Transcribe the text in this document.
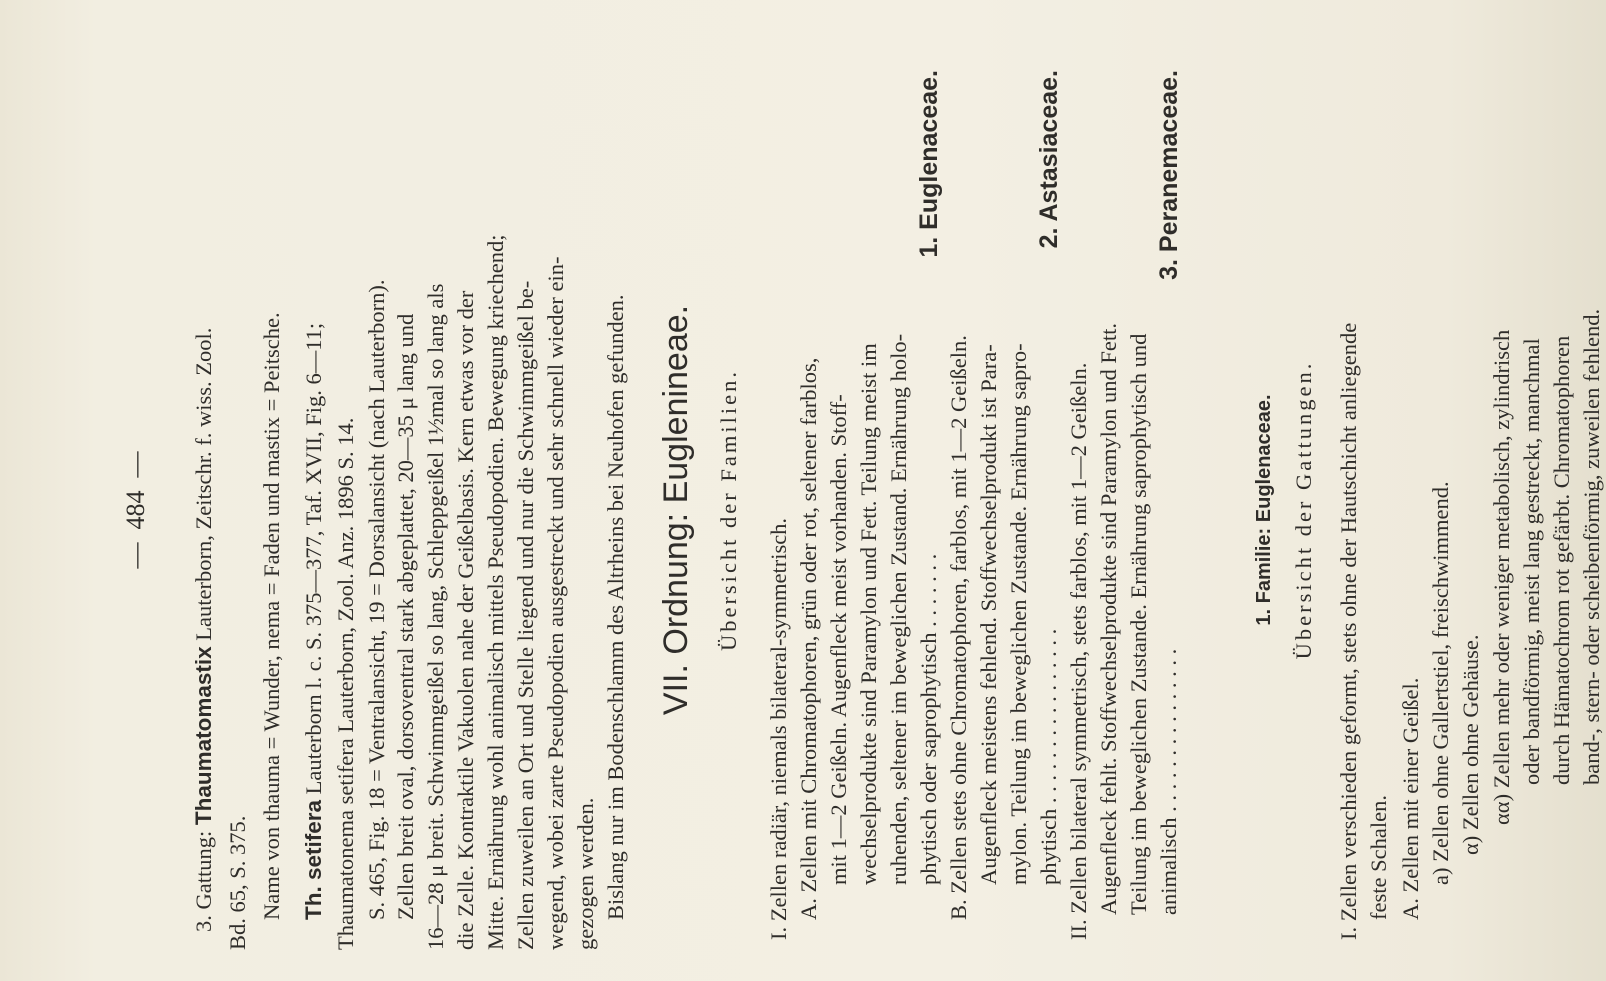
—  484  —
3. Gattung: Thaumatomastix Lauterborn, Zeitschr. f. wiss. Zool.
Bd. 65, S. 375. Name von thauma = Wunder, nema = Faden und mastix = Peitsche. Th. setifera Lauterborn l. c. S. 375—377, Taf. XVII, Fig. 6—11; Thaumatonema setifera Lauterborn, Zool. Anz. 1896 S. 14. S. 465, Fig. 18 = Ventralansicht, 19 = Dorsalansicht (nach Lauterborn). Zellen breit oval, dorsoventral stark abgeplattet, 20—35 μ lang und 16—28 μ breit. Schwimmgeißel so lang, Schleppgeißel 1½mal so lang als die Zelle. Kontraktile Vakuolen nahe der Geißelbasis. Kern etwas vor der Mitte. Ernährung wohl animalisch mittels Pseudopodien. Bewegung kriechend; Zellen zuweilen an Ort und Stelle liegend und nur die Schwimmgeißel be- wegend, wobei zarte Pseudopodien ausgestreckt und sehr schnell wieder ein- gezogen werden. Bislang nur im Bodenschlamm des Altrheins bei Neuhofen gefunden. VII. Ordnung: Euglenineae. Übersicht der Familien.
I. Zellen radiär, niemals bilateral-symmetrisch. A. Zellen mit Chromatophoren, grün oder rot, seltener farblos, mit 1—2 Geißeln. Augenfleck meist vorhanden. Stoff- wechselprodukte sind Paramylon und Fett. Teilung meist im ruhenden, seltener im beweglichen Zustand. Ernährung holo- phytisch oder saprophytisch . . . . . . .
1. Euglenaceae.
B. Zellen stets ohne Chromatophoren, farblos, mit 1—2 Geißeln. Augenfleck meistens fehlend. Stoffwechselprodukt ist Para- mylon. Teilung im beweglichen Zustande. Ernährung sapro- phytisch . . . . . . . . . . . . . . . .
2. Astasiaceae.
II. Zellen bilateral symmetrisch, stets farblos, mit 1—2 Geißeln. Augenfleck fehlt. Stoffwechselprodukte sind Paramylon und Fett. Teilung im beweglichen Zustande. Ernährung saprophytisch und animalisch . . . . . . . . . . . . . . .
3. Peranemaceae.
1. Familie: Euglenaceae. Übersicht der Gattungen. I. Zellen verschieden geformt, stets ohne der Hautschicht anliegende feste Schalen. A. Zellen mit einer Geißel. a) Zellen ohne Gallertstiel, freischwimmend. α) Zellen ohne Gehäuse. αα) Zellen mehr oder weniger metabolisch, zylindrisch oder bandförmig, meist lang gestreckt, manchmal durch Hämatochrom rot gefärbt. Chromatophoren band-, stern- oder scheibenförmig, zuweilen fehlend.
